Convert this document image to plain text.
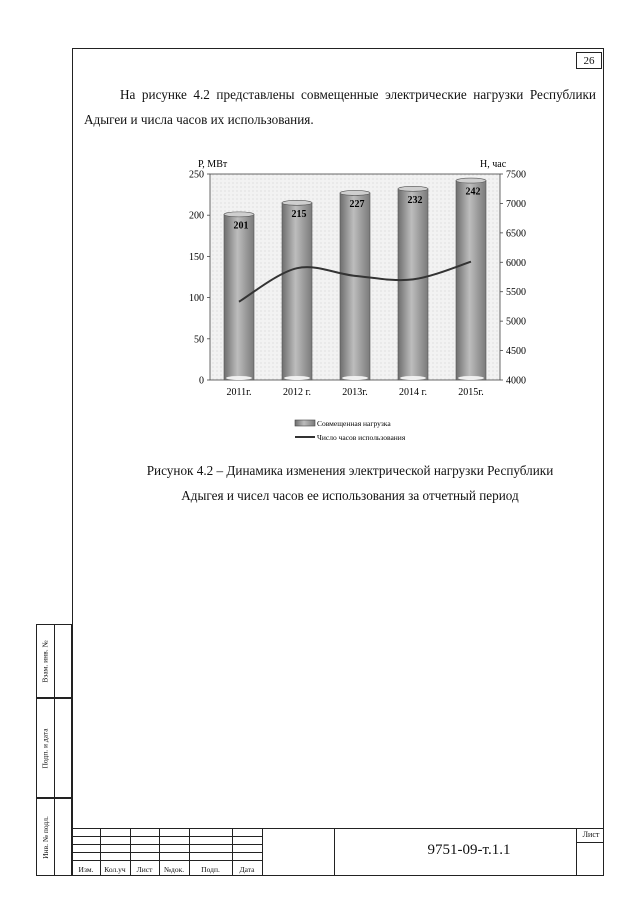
26
На рисунке 4.2 представлены совмещенные электрические нагрузки Республики Адыгеи и числа часов их использования.
Р, МВт	Н, час
0
50
100
150
200
250
4000
4500
5000
5500
6000
6500
7000
7500
201
215
227	232
242
2011г.	2012 г.	2013г.	2014 г.	2015г.
Совмещенная нагрузка
Число часов использования
Рисунок 4.2 – Динамика изменения электрической нагрузки Республики
Адыгея и чисел часов ее использования за отчетный период
Взам. инв. №
Подп. и дата
Инв. № подл.
Изм.	Кол.уч	Лист	№док.	Подп.	Дата
9751-09-т.1.1
Лист
